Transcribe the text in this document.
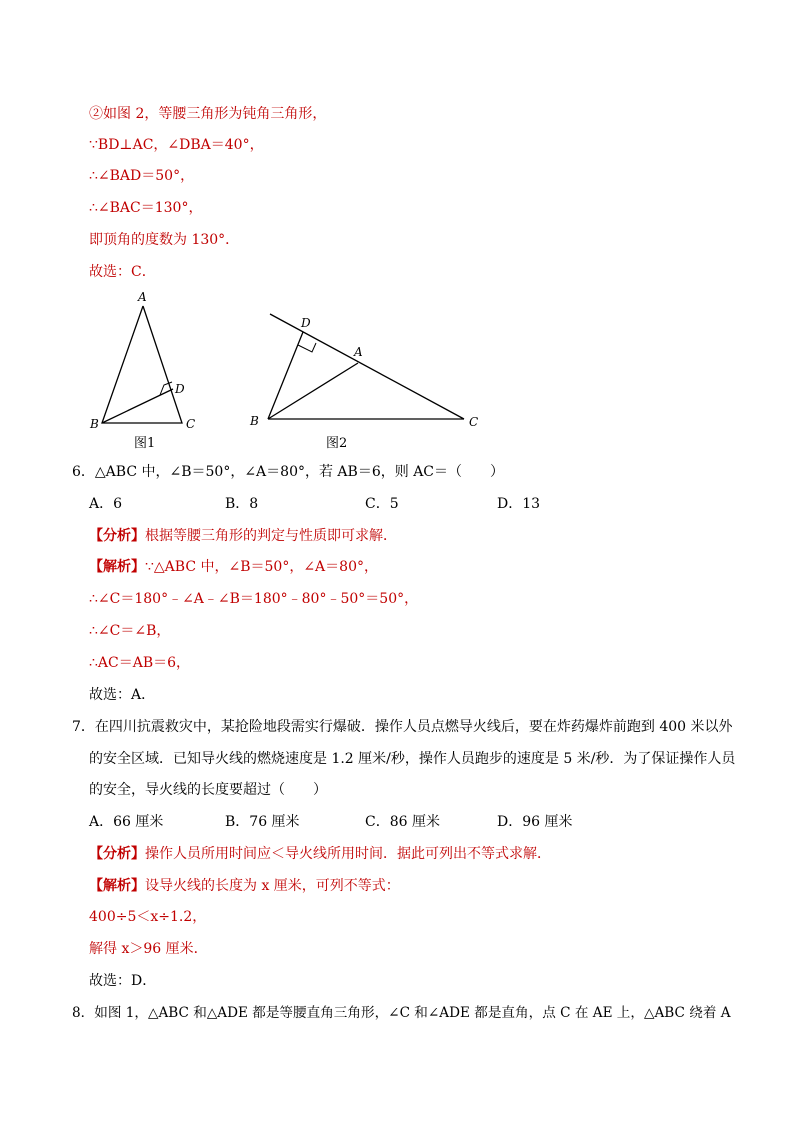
②如图 2，等腰三角形为钝角三角形，
∵BD⊥AC，∠DBA＝40°，
∴∠BAD＝50°，
∴∠BAC＝130°，
即顶角的度数为 130°．
故选：C．
A
B	C
D
图1
D
A
B	C
图2
6．△ABC 中，∠B＝50°，∠A＝80°，若 AB＝6，则 AC＝（　　）
A．6	B．8	C．5	D．13
【分析】根据等腰三角形的判定与性质即可求解．
【解析】∵△ABC 中，∠B＝50°，∠A＝80°，
∴∠C＝180°﹣∠A﹣∠B＝180°﹣80°﹣50°＝50°，
∴∠C＝∠B，
∴AC＝AB＝6，
故选：A．
7．在四川抗震救灾中，某抢险地段需实行爆破．操作人员点燃导火线后，要在炸药爆炸前跑到 400 米以外
的安全区域．已知导火线的燃烧速度是 1.2 厘米/秒，操作人员跑步的速度是 5 米/秒．为了保证操作人员
的安全，导火线的长度要超过（　　）
A．66 厘米	B．76 厘米	C．86 厘米	D．96 厘米
【分析】操作人员所用时间应＜导火线所用时间．据此可列出不等式求解．
【解析】设导火线的长度为 x 厘米，可列不等式：
400÷5＜x÷1.2，
解得 x＞96 厘米．
故选：D．
8．如图 1，△ABC 和△ADE 都是等腰直角三角形，∠C 和∠ADE 都是直角，点 C 在 AE 上，△ABC 绕着 A
